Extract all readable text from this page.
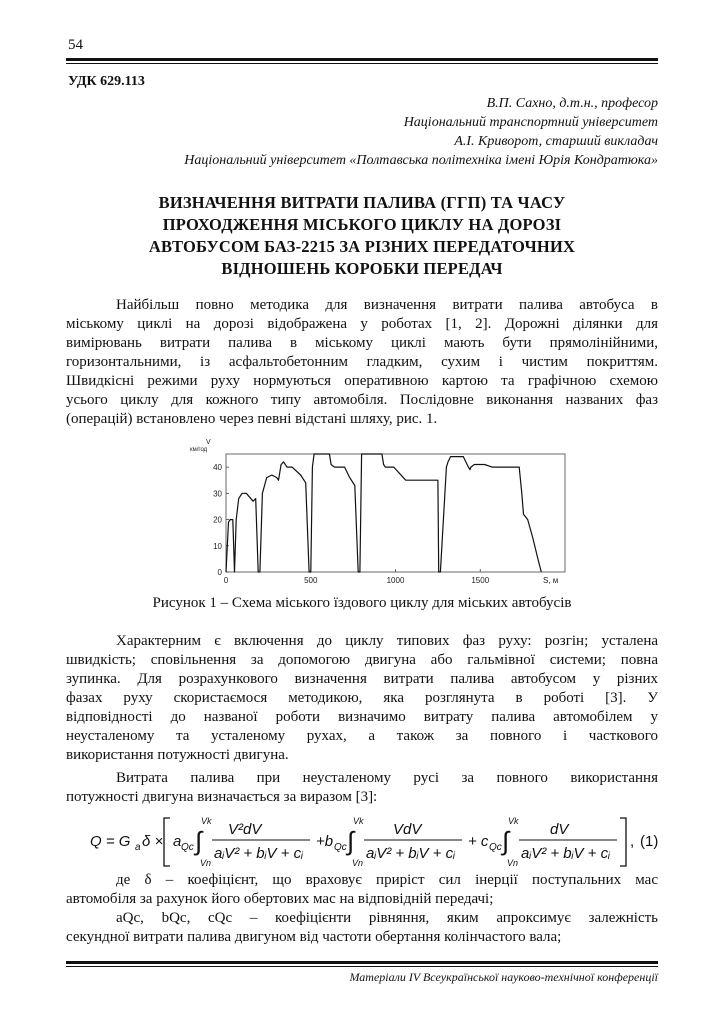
54
УДК 629.113
В.П. Сахно, д.т.н., професор
Національний транспортний університет
А.І. Криворот, старший викладач
Національний університет «Полтавська політехніка імені Юрія Кондратюка»
ВИЗНАЧЕННЯ ВИТРАТИ ПАЛИВА (ГГП) ТА ЧАСУ
ПРОХОДЖЕННЯ МІСЬКОГО ЦИКЛУ НА ДОРОЗІ
АВТОБУСОМ БАЗ-2215 ЗА РІЗНИХ ПЕРЕДАТОЧНИХ
ВІДНОШЕНЬ КОРОБКИ ПЕРЕДАЧ
Найбільш повно методика для визначення витрати палива автобуса в
міському циклі на дорозі відображена у роботах [1, 2]. Дорожні ділянки для
вимірювань витрати палива в міському циклі мають бути прямолінійними,
горизонтальними, із асфальтобетонним гладким, сухим і чистим покриттям.
Швидкісні режими руху нормуються оперативною картою та графічною схемою
усього циклу для кожного типу автомобіля. Послідовне виконання названих фаз
(операцій) встановлено через певні відстані шляху, рис. 1.
0
10
20
30
40
0	500	1000	1500
V
км/год
S, м
Рисунок 1 – Схема міського їздового циклу для міських автобусів
Характерним є включення до циклу типових фаз руху: розгін; усталена
швидкість; сповільнення за допомогою двигуна або гальмівної системи; повна
зупинка. Для розрахункового визначення витрати палива автобусом у різних
фазах руху скористаємося методикою, яка розглянута в роботі [3]. У
відповідності до названої роботи визначимо витрату палива автомобілем у
неусталеному та усталеному рухах, а також за повного і часткового
використання потужності двигуна.
Витрата палива при неусталеному русі за повного використання
потужності двигуна визначається за виразом [3]:
Q = G a δ × a Qc ∫
Vk
Vn
V²dV
aᵢV² + bᵢV + cᵢ
+b Qc ∫
Vk
Vn
VdV
aᵢV² + bᵢV + cᵢ
+ c Qc ∫
Vk
Vn
dV
aᵢV² + bᵢV + cᵢ
, (1)
де δ – коефіцієнт, що враховує приріст сил інерції поступальних мас
автомобіля за рахунок його обертових мас на відповідній передачі;
aQc, bQc, cQc – коефіцієнти рівняння, яким апроксимує залежність
секундної витрати палива двигуном від частоти обертання колінчастого вала;
Матеріали IV Всеукраїнської науково-технічної конференції
